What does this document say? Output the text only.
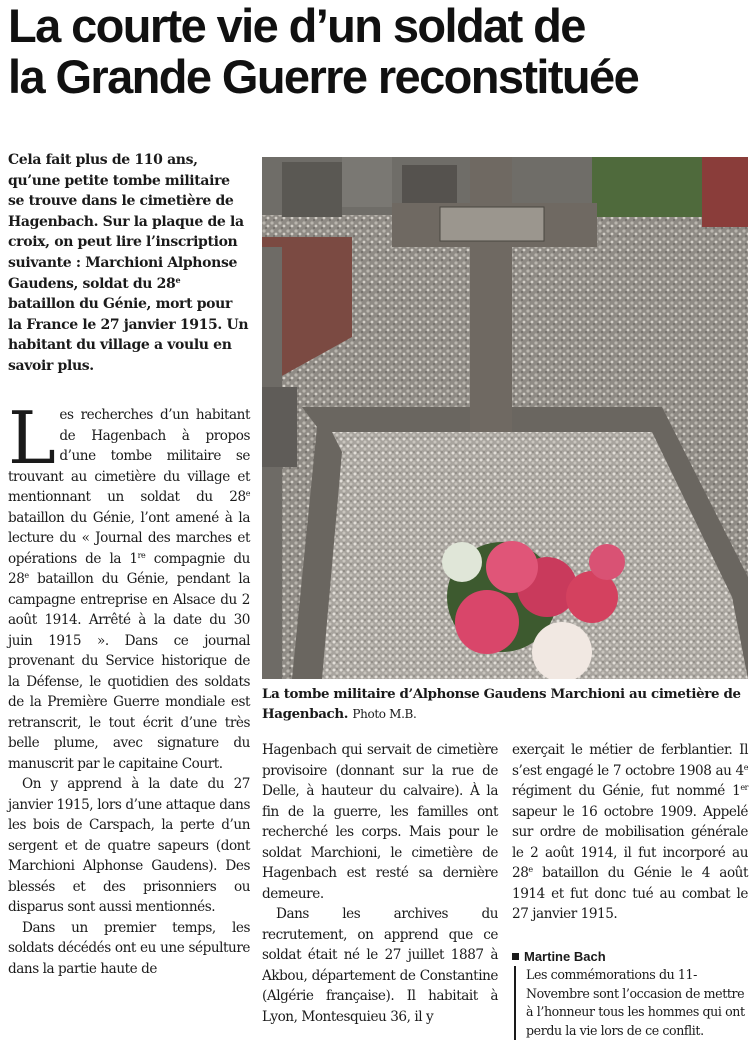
La courte vie d’un soldat de
la Grande Guerre reconstituée
Cela fait plus de 110 ans, qu’une petite tombe militaire se trouve dans le cimetière de Hagenbach. Sur la plaque de la croix, on peut lire l’inscription suivante : Marchioni Alphonse Gaudens, soldat du 28e bataillon du Génie, mort pour la France le 27 janvier 1915. Un habitant du village a voulu en savoir plus.

Les recherches d’un habitant de Hagenbach à propos d’une tombe militaire se trouvant au cimetière du village et mentionnant un soldat du 28e bataillon du Génie, l’ont amené à la lecture du « Journal des marches et opérations de la 1re compagnie du 28e bataillon du Génie, pendant la campagne entreprise en Alsace du 2 août 1914. Arrêté à la date du 30 juin 1915 ». Dans ce journal provenant du Service historique de la Défense, le quotidien des soldats de la Première Guerre mondiale est retranscrit, le tout écrit d’une très belle plume, avec signature du manuscrit par le capitaine Court.

On y apprend à la date du 27 janvier 1915, lors d’une attaque dans les bois de Carspach, la perte d’un sergent et de quatre sapeurs (dont Marchioni Alphonse Gaudens). Des blessés et des prisonniers ou disparus sont aussi mentionnés.

Dans un premier temps, les soldats décédés ont eu une sépulture dans la partie haute de

La tombe militaire d’Alphonse Gaudens Marchioni au cimetière de Hagenbach. Photo M.B.

Hagenbach qui servait de cimetière provisoire (donnant sur la rue de Delle, à hauteur du calvaire). À la fin de la guerre, les familles ont recherché les corps. Mais pour le soldat Marchioni, le cimetière de Hagenbach est resté sa dernière demeure.

Dans les archives du recrutement, on apprend que ce soldat était né le 27 juillet 1887 à Akbou, département de Constantine (Algérie française). Il habitait à Lyon, Montesquieu 36, il y

exerçait le métier de ferblantier. Il s’est engagé le 7 octobre 1908 au 4e régiment du Génie, fut nommé 1er sapeur le 16 octobre 1909. Appelé sur ordre de mobilisation générale le 2 août 1914, il fut incorporé au 28e bataillon du Génie le 4 août 1914 et fut donc tué au combat le 27 janvier 1915.

Martine Bach
Les commémorations du 11-Novembre sont l’occasion de mettre à l’honneur tous les hommes qui ont perdu la vie lors de ce conflit.
